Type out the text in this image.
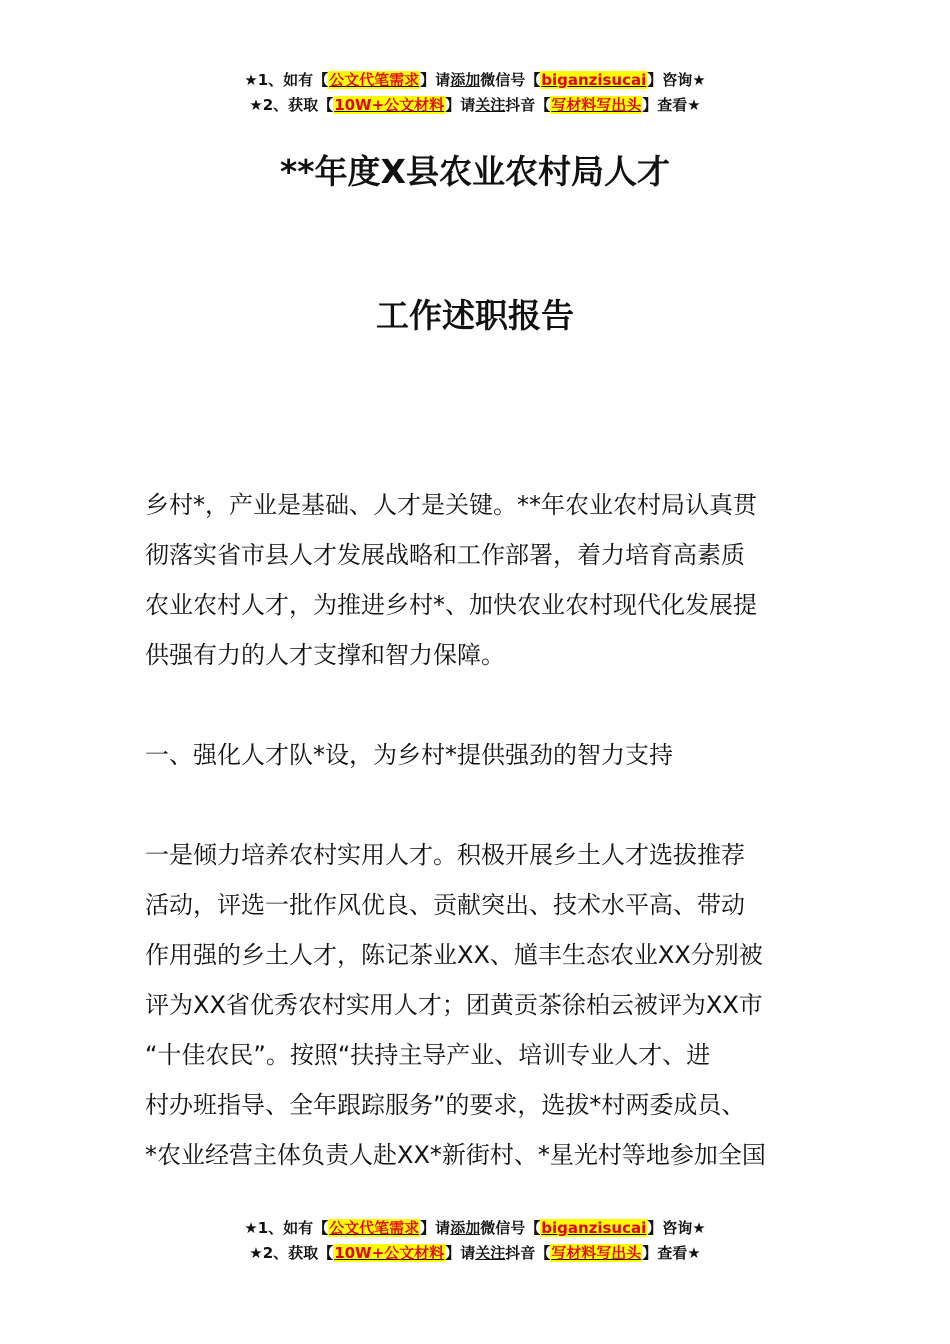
★1、如有【公文代笔需求】请添加微信号【biganzisucai】咨询★
★2、获取【10W+公文材料】请关注抖音【写材料写出头】查看★
**年度X县农业农村局人才
工作述职报告
乡村*，产业是基础、人才是关键。**年农业农村局认真贯
彻落实省市县人才发展战略和工作部署，着力培育高素质
农业农村人才，为推进乡村*、加快农业农村现代化发展提
供强有力的人才支撑和智力保障。
一、强化人才队*设，为乡村*提供强劲的智力支持
一是倾力培养农村实用人才。积极开展乡土人才选拔推荐
活动，评选一批作风优良、贡献突出、技术水平高、带动
作用强的乡土人才，陈记茶业XX、馗丰生态农业XX分别被
评为XX省优秀农村实用人才；团黄贡茶徐柏云被评为XX市
“十佳农民”。按照“扶持主导产业、培训专业人才、进
村办班指导、全年跟踪服务”的要求，选拔*村两委成员、
*农业经营主体负责人赴XX*新街村、*星光村等地参加全国
★1、如有【公文代笔需求】请添加微信号【biganzisucai】咨询★
★2、获取【10W+公文材料】请关注抖音【写材料写出头】查看★
